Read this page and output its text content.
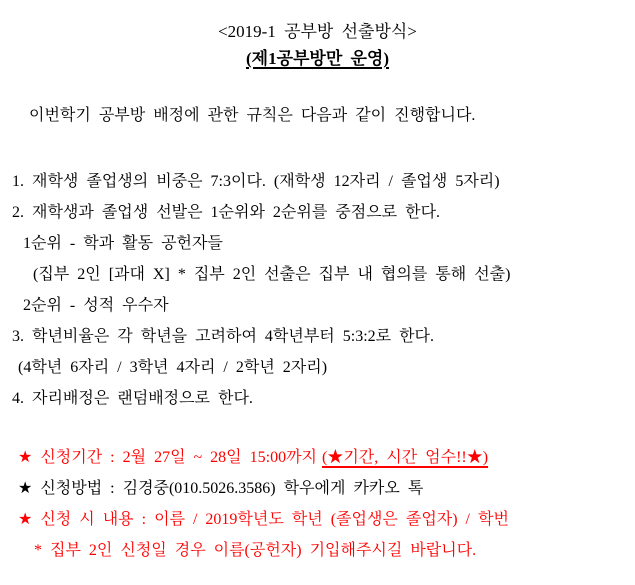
<2019-1 공부방 선출방식>
(제1공부방만 운영)

이번학기 공부방 배정에 관한 규칙은 다음과 같이 진행합니다.

1. 재학생 졸업생의 비중은 7:3이다. (재학생 12자리 / 졸업생 5자리)
2. 재학생과 졸업생 선발은 1순위와 2순위를 중점으로 한다.
1순위 - 학과 활동 공헌자들
(집부 2인 [과대 X] * 집부 2인 선출은 집부 내 협의를 통해 선출)
2순위 - 성적 우수자
3. 학년비율은 각 학년을 고려하여 4학년부터 5:3:2로 한다.
(4학년 6자리 / 3학년 4자리 / 2학년 2자리)
4. 자리배정은 랜덤배정으로 한다.
★ 신청기간 : 2월 27일 ~ 28일 15:00까지 (★기간, 시간 엄수!!★)
★ 신청방법 : 김경중(010.5026.3586) 학우에게 카카오 톡
★ 신청 시 내용 : 이름 / 2019학년도 학년 (졸업생은 졸업자) / 학번
* 집부 2인 신청일 경우 이름(공헌자) 기입해주시길 바랍니다.
